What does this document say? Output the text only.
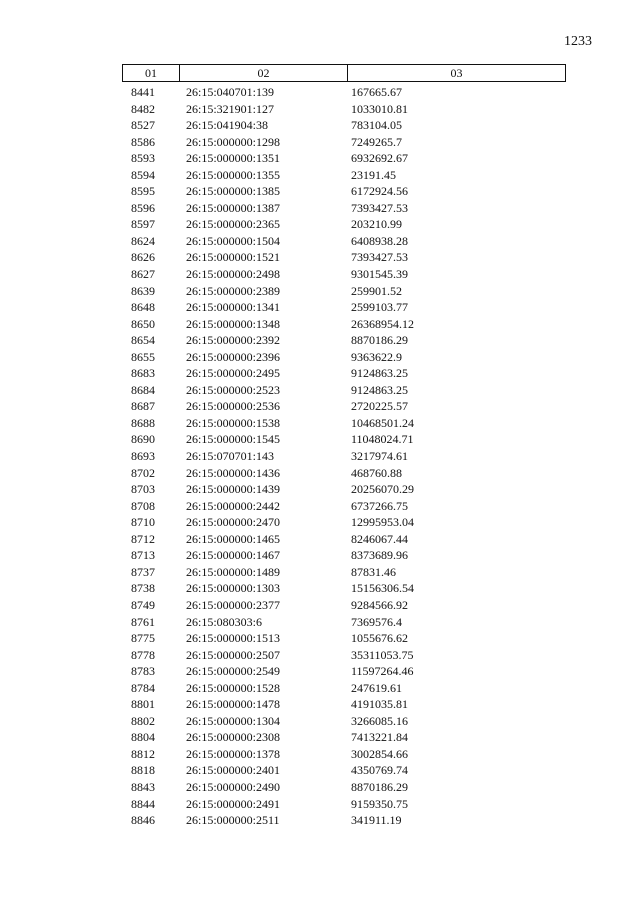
1233
01	02	03
8441	26:15:040701:139	167665.67
8482	26:15:321901:127	1033010.81
8527	26:15:041904:38	783104.05
8586	26:15:000000:1298	7249265.7
8593	26:15:000000:1351	6932692.67
8594	26:15:000000:1355	23191.45
8595	26:15:000000:1385	6172924.56
8596	26:15:000000:1387	7393427.53
8597	26:15:000000:2365	203210.99
8624	26:15:000000:1504	6408938.28
8626	26:15:000000:1521	7393427.53
8627	26:15:000000:2498	9301545.39
8639	26:15:000000:2389	259901.52
8648	26:15:000000:1341	2599103.77
8650	26:15:000000:1348	26368954.12
8654	26:15:000000:2392	8870186.29
8655	26:15:000000:2396	9363622.9
8683	26:15:000000:2495	9124863.25
8684	26:15:000000:2523	9124863.25
8687	26:15:000000:2536	2720225.57
8688	26:15:000000:1538	10468501.24
8690	26:15:000000:1545	11048024.71
8693	26:15:070701:143	3217974.61
8702	26:15:000000:1436	468760.88
8703	26:15:000000:1439	20256070.29
8708	26:15:000000:2442	6737266.75
8710	26:15:000000:2470	12995953.04
8712	26:15:000000:1465	8246067.44
8713	26:15:000000:1467	8373689.96
8737	26:15:000000:1489	87831.46
8738	26:15:000000:1303	15156306.54
8749	26:15:000000:2377	9284566.92
8761	26:15:080303:6	7369576.4
8775	26:15:000000:1513	1055676.62
8778	26:15:000000:2507	35311053.75
8783	26:15:000000:2549	11597264.46
8784	26:15:000000:1528	247619.61
8801	26:15:000000:1478	4191035.81
8802	26:15:000000:1304	3266085.16
8804	26:15:000000:2308	7413221.84
8812	26:15:000000:1378	3002854.66
8818	26:15:000000:2401	4350769.74
8843	26:15:000000:2490	8870186.29
8844	26:15:000000:2491	9159350.75
8846	26:15:000000:2511	341911.19
